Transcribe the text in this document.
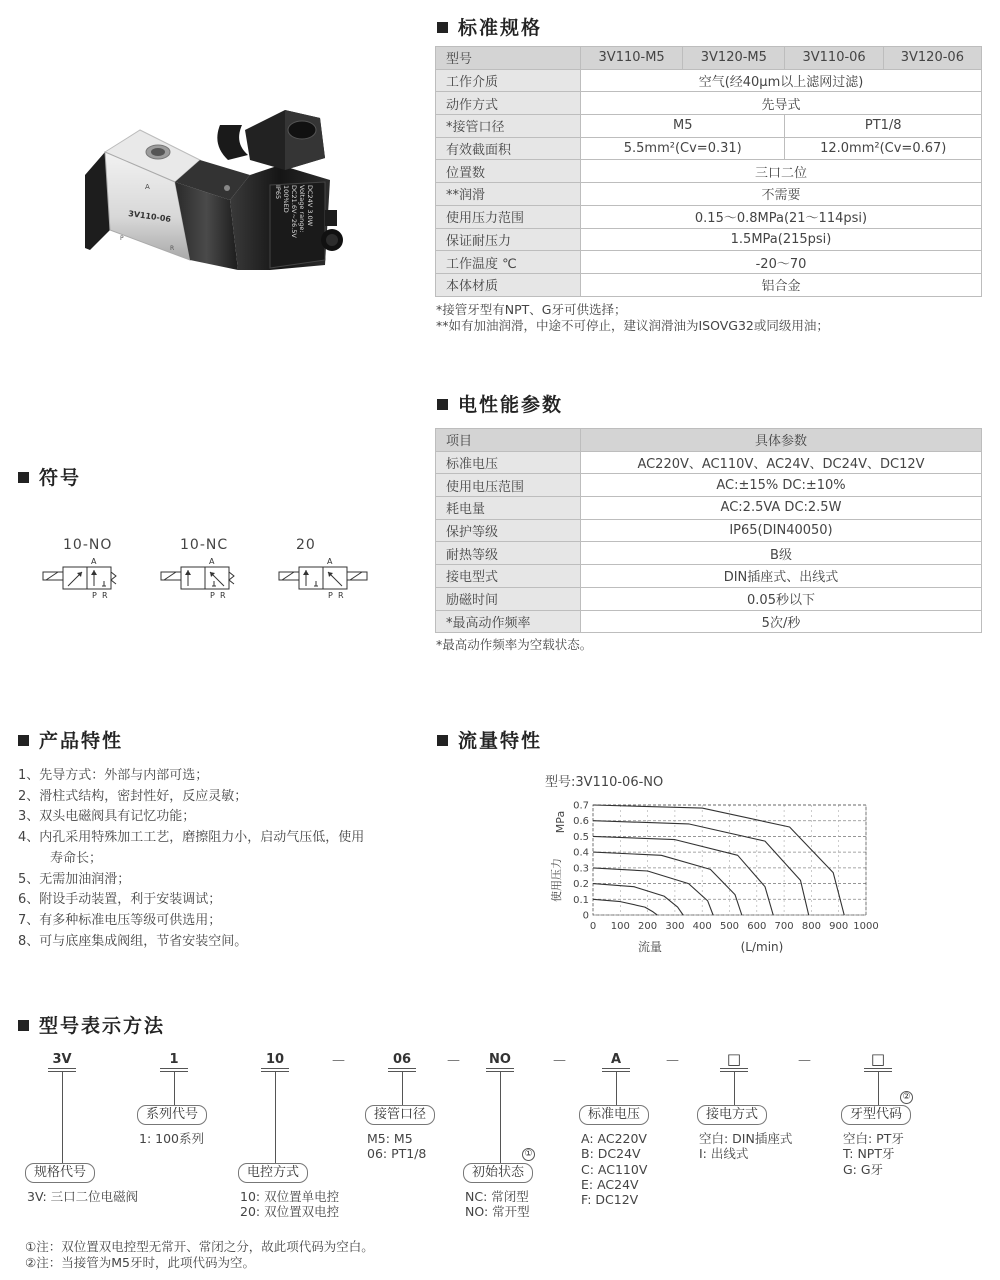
A
3V110-06
P
R
DC24V 3.0W
Voltage range:
DC21.6V~26.5V
100%ED
IP65
标准规格
型号	3V110-M5	3V120-M5	3V110-06	3V120-06
工作介质	空气(经40μm以上滤网过滤)			
动作方式	先导式			
*接管口径	M5		PT1/8	
有效截面积	5.5mm²(Cv=0.31)		12.0mm²(Cv=0.67)	
位置数	三口二位			
**润滑	不需要			
使用压力范围	0.15～0.8MPa(21～114psi)			
保证耐压力	1.5MPa(215psi)			
工作温度 ℃	-20～70			
本体材质	铝合金			
*接管牙型有NPT、G牙可供选择；
**如有加油润滑，中途不可停止，建议润滑油为ISOVG32或同级用油；
电性能参数
项目	具体参数
标准电压	AC220V、AC110V、AC24V、DC24V、DC12V
使用电压范围	AC:±15% DC:±10%
耗电量	AC:2.5VA DC:2.5W
保护等级	IP65(DIN40050)
耐热等级	B级
接电型式	DIN插座式、出线式
励磁时间	0.05秒以下
*最高动作频率	5次/秒
*最高动作频率为空载状态。
符号
10-NO	10-NC	20
A
P R
A
P R
A
P R
产品特性
1、先导方式：外部与内部可选；
2、滑柱式结构，密封性好，反应灵敏；
3、双头电磁阀具有记忆功能；
4、内孔采用特殊加工工艺，磨擦阻力小，启动气压低，使用
寿命长；
5、无需加油润滑；
6、附设手动装置，利于安装调试；
7、有多种标准电压等级可供选用；
8、可与底座集成阀组，节省安装空间。
流量特性
型号:3V110-06-NO
0
0.1
0.2
0.3
0.4
0.5
0.6
0.7
0 100 200 300 400 500 600 700 800 900 1000
MPa
使用压力
流量	(L/min)
型号表示方法
3V	1	10	06	NO	A	□	□
—	—	—	—	—
规格代号
系列代号
电控方式
接管口径
初始状态
标准电压	接电方式	牙型代码
①
②
3V: 三口二位电磁阀
1: 100系列
10: 双位置单电控
20: 双位置双电控
M5: M5
06: PT1/8
NC: 常闭型
NO: 常开型
A: AC220V
B: DC24V
C: AC110V
E: AC24V
F: DC12V
空白: DIN插座式
I: 出线式
空白: PT牙
T: NPT牙
G: G牙
①注：双位置双电控型无常开、常闭之分，故此项代码为空白。
②注：当接管为M5牙时，此项代码为空。
